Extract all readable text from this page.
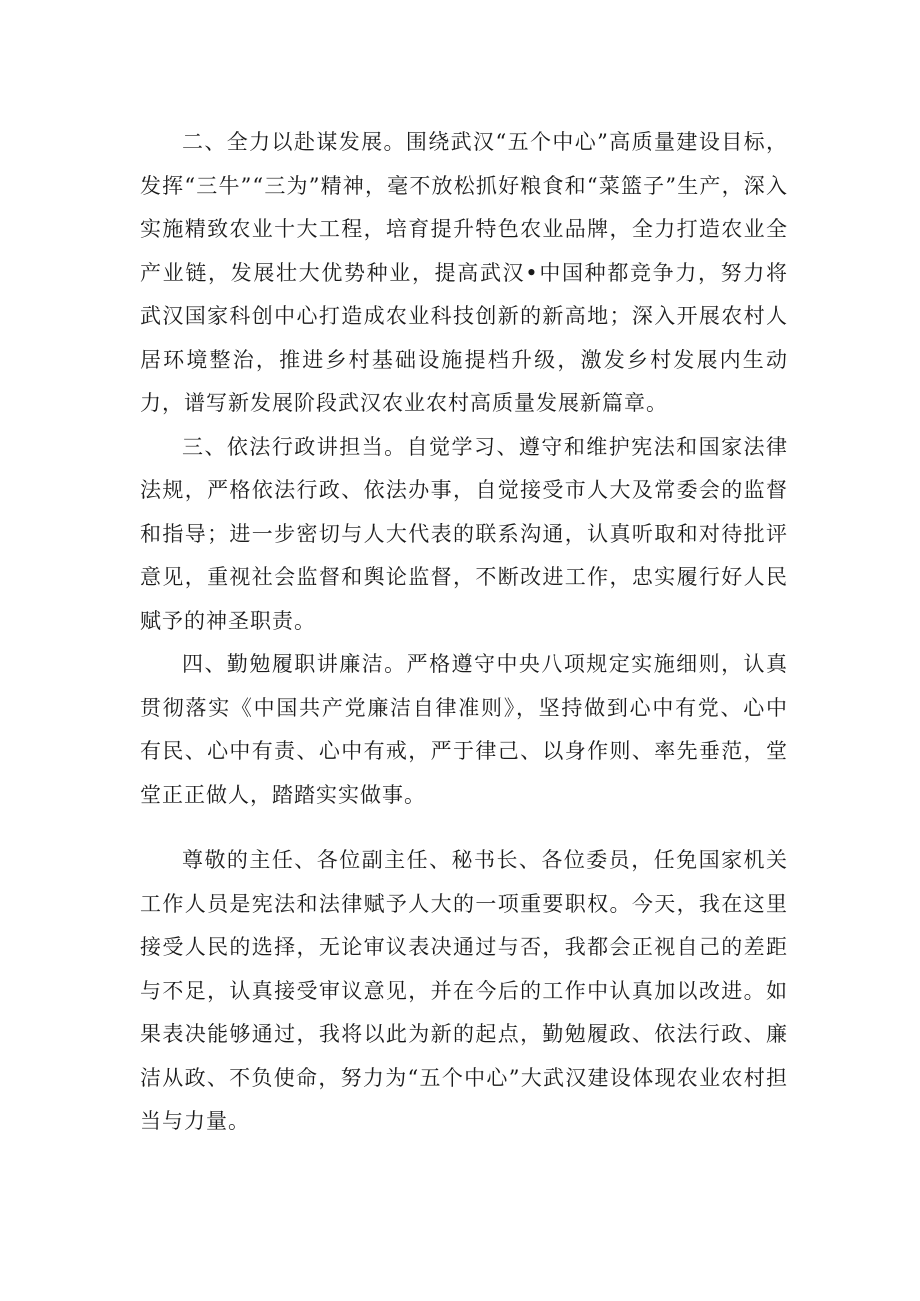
二、全力以赴谋发展。围绕武汉“五个中心”高质量建设目标，发挥“三牛”“三为”精神，毫不放松抓好粮食和“菜篮子”生产，深入实施精致农业十大工程，培育提升特色农业品牌，全力打造农业全产业链，发展壮大优势种业，提高武汉•中国种都竞争力，努力将武汉国家科创中心打造成农业科技创新的新高地；深入开展农村人居环境整治，推进乡村基础设施提档升级，激发乡村发展内生动力，谱写新发展阶段武汉农业农村高质量发展新篇章。

三、依法行政讲担当。自觉学习、遵守和维护宪法和国家法律法规，严格依法行政、依法办事，自觉接受市人大及常委会的监督和指导；进一步密切与人大代表的联系沟通，认真听取和对待批评意见，重视社会监督和舆论监督，不断改进工作，忠实履行好人民赋予的神圣职责。

四、勤勉履职讲廉洁。严格遵守中央八项规定实施细则，认真贯彻落实《中国共产党廉洁自律准则》，坚持做到心中有党、心中有民、心中有责、心中有戒，严于律己、以身作则、率先垂范，堂堂正正做人，踏踏实实做事。

尊敬的主任、各位副主任、秘书长、各位委员，任免国家机关工作人员是宪法和法律赋予人大的一项重要职权。今天，我在这里接受人民的选择，无论审议表决通过与否，我都会正视自己的差距与不足，认真接受审议意见，并在今后的工作中认真加以改进。如果表决能够通过，我将以此为新的起点，勤勉履政、依法行政、廉洁从政、不负使命，努力为“五个中心”大武汉建设体现农业农村担当与力量。
